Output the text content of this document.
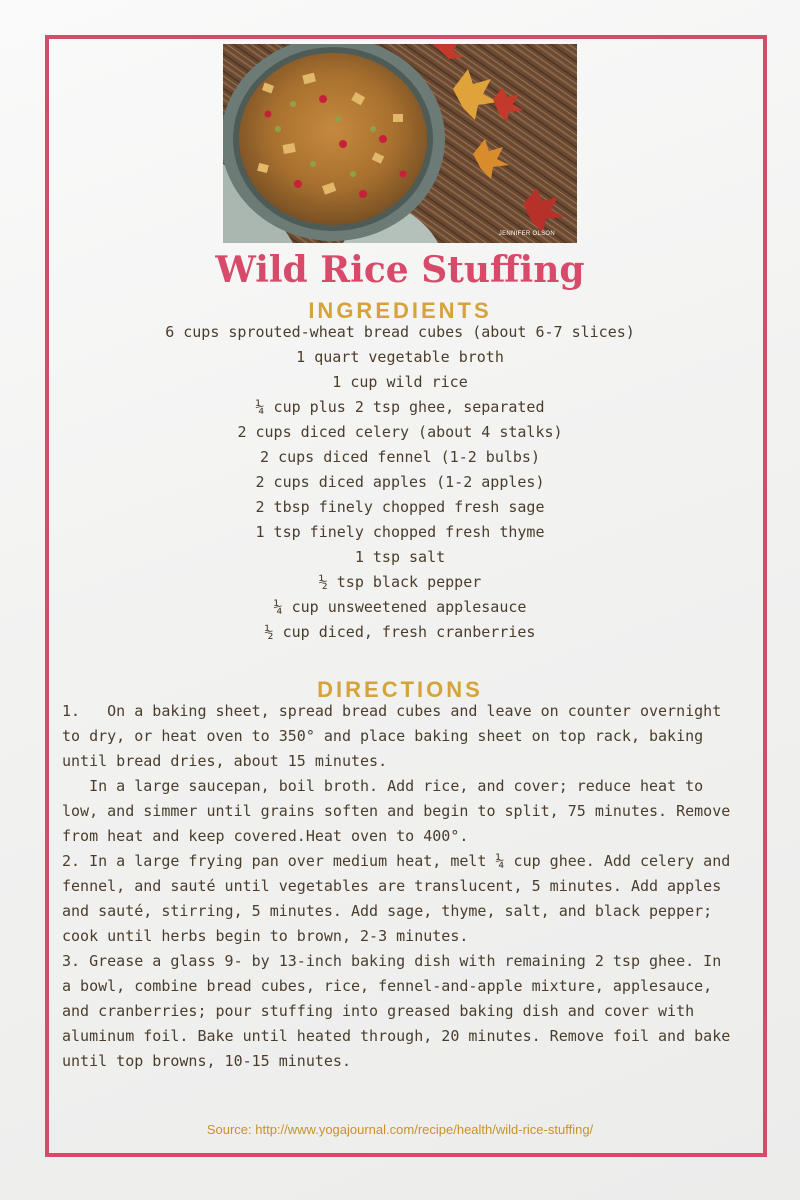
JENNIFER OLSON
Wild Rice Stuffing
INGREDIENTS
6 cups sprouted-wheat bread cubes (about 6-7 slices)
1 quart vegetable broth
1 cup wild rice
¼ cup plus 2 tsp ghee, separated
2 cups diced celery (about 4 stalks)
2 cups diced fennel (1-2 bulbs)
2 cups diced apples (1-2 apples)
2 tbsp finely chopped fresh sage
1 tsp finely chopped fresh thyme
1 tsp salt
½ tsp black pepper
¼ cup unsweetened applesauce
½ cup diced, fresh cranberries
DIRECTIONS

1.   On a baking sheet, spread bread cubes and leave on counter overnight to dry, or heat oven to 350° and place baking sheet on top rack, baking until bread dries, about 15 minutes.

In a large saucepan, boil broth. Add rice, and cover; reduce heat to low, and simmer until grains soften and begin to split, 75 minutes. Remove from heat and keep covered.Heat oven to 400°.

2. In a large frying pan over medium heat, melt ¼ cup ghee. Add celery and fennel, and sauté until vegetables are translucent, 5 minutes. Add apples and sauté, stirring, 5 minutes. Add sage, thyme, salt, and black pepper; cook until herbs begin to brown, 2-3 minutes.

3. Grease a glass 9- by 13-inch baking dish with remaining 2 tsp ghee. In a bowl, combine bread cubes, rice, fennel-and-apple mixture, applesauce, and cranberries; pour stuffing into greased baking dish and cover with aluminum foil. Bake until heated through, 20 minutes. Remove foil and bake until top browns, 10-15 minutes.

Source: http://www.yogajournal.com/recipe/health/wild-rice-stuffing/
